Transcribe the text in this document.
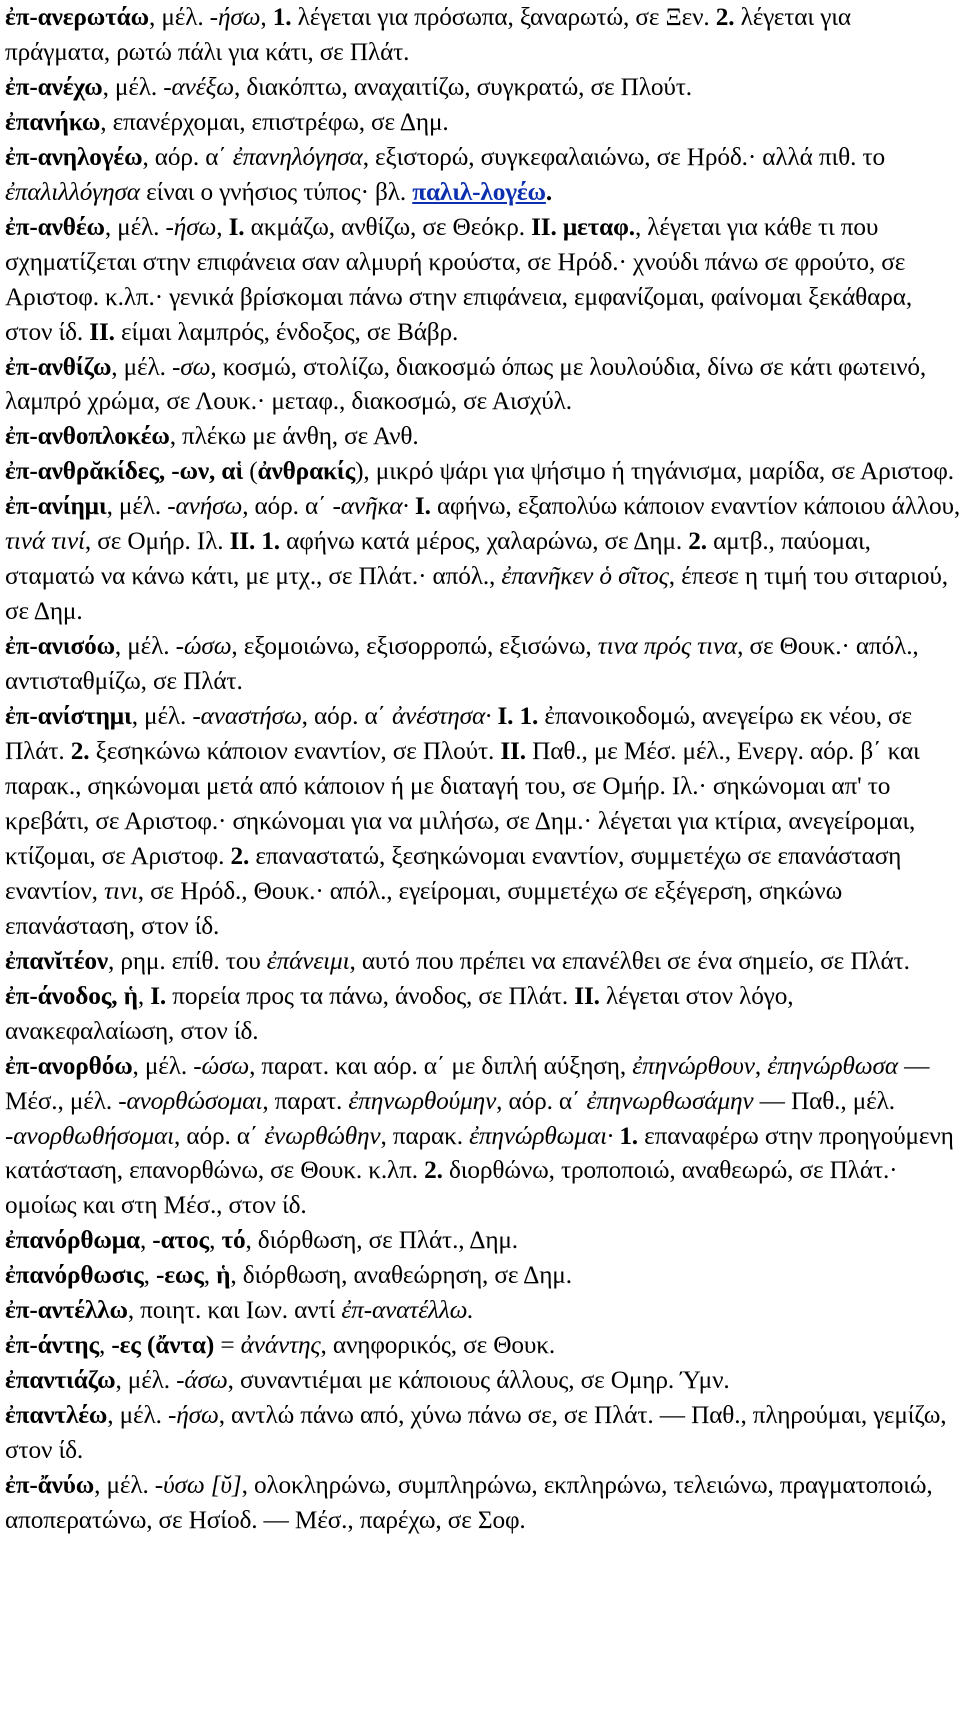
ἐπ-ανερωτάω, μέλ. -ήσω, 1. λέγεται για πρόσωπα, ξαναρωτώ, σε Ξεν. 2. λέγεται για πράγματα, ρωτώ πάλι για κάτι, σε Πλάτ.

ἐπ-ανέχω, μέλ. -ανέξω, διακόπτω, αναχαιτίζω, συγκρατώ, σε Πλούτ.

ἐπανήκω, επανέρχομαι, επιστρέφω, σε Δημ.

ἐπ-ανηλογέω, αόρ. α΄ ἐπανηλόγησα, εξιστορώ, συγκεφαλαιώνω, σε Ηρόδ.· αλλά πιθ. το ἐπαλιλλόγησα είναι ο γνήσιος τύπος· βλ. παλιλ-λογέω.

ἐπ-ανθέω, μέλ. -ήσω, I. ακμάζω, ανθίζω, σε Θεόκρ. II. μεταφ., λέγεται για κάθε τι που σχηματίζεται στην επιφάνεια σαν αλμυρή κρούστα, σε Ηρόδ.· χνούδι πάνω σε φρούτο, σε Αριστοφ. κ.λπ.· γενικά βρίσκομαι πάνω στην επιφάνεια, εμφανίζομαι, φαίνομαι ξεκάθαρα, στον ίδ. II. είμαι λαμπρός, ένδοξος, σε Βάβρ.

ἐπ-ανθίζω, μέλ. -σω, κοσμώ, στολίζω, διακοσμώ όπως με λουλούδια, δίνω σε κάτι φωτεινό, λαμπρό χρώμα, σε Λουκ.· μεταφ., διακοσμώ, σε Αισχύλ.

ἐπ-ανθοπλοκέω, πλέκω με άνθη, σε Ανθ.

ἐπ-ανθρᾰκίδες, -ων, αἱ (ἀνθρακίς), μικρό ψάρι για ψήσιμο ή τηγάνισμα, μαρίδα, σε Αριστοφ.

ἐπ-ανίημι, μέλ. -ανήσω, αόρ. α΄ -ανῆκα· I. αφήνω, εξαπολύω κάποιον εναντίον κάποιου άλλου, τινά τινί, σε Ομήρ. Ιλ. II. 1. αφήνω κατά μέρος, χαλαρώνω, σε Δημ. 2. αμτβ., παύομαι, σταματώ να κάνω κάτι, με μτχ., σε Πλάτ.· απόλ., ἐπανῆκεν ὁ σῖτος, έπεσε η τιμή του σιταριού, σε Δημ.

ἐπ-ανισόω, μέλ. -ώσω, εξομοιώνω, εξισορροπώ, εξισώνω, τινα πρός τινα, σε Θουκ.· απόλ., αντισταθμίζω, σε Πλάτ.

ἐπ-ανίστημι, μέλ. -αναστήσω, αόρ. α΄ ἀνέστησα· I. 1. ἐπανοικοδομώ, ανεγείρω εκ νέου, σε Πλάτ. 2. ξεσηκώνω κάποιον εναντίον, σε Πλούτ. II. Παθ., με Μέσ. μέλ., Ενεργ. αόρ. β΄ και παρακ., σηκώνομαι μετά από κάποιον ή με διαταγή του, σε Ομήρ. Ιλ.· σηκώνομαι απ' το κρεβάτι, σε Αριστοφ.· σηκώνομαι για να μιλήσω, σε Δημ.· λέγεται για κτίρια, ανεγείρομαι, κτίζομαι, σε Αριστοφ. 2. επαναστατώ, ξεσηκώνομαι εναντίον, συμμετέχω σε επανάσταση εναντίον, τινι, σε Ηρόδ., Θουκ.· απόλ., εγείρομαι, συμμετέχω σε εξέγερση, σηκώνω επανάσταση, στον ίδ.

ἐπανῐτέον, ρημ. επίθ. του ἐπάνειμι, αυτό που πρέπει να επανέλθει σε ένα σημείο, σε Πλάτ.

ἐπ-άνοδος, ἡ, I. πορεία προς τα πάνω, άνοδος, σε Πλάτ. II. λέγεται στον λόγο, ανακεφαλαίωση, στον ίδ.

ἐπ-ανορθόω, μέλ. -ώσω, παρατ. και αόρ. α΄ με διπλή αύξηση, ἐπηνώρθουν, ἐπηνώρθωσα — Μέσ., μέλ. -ανορθώσομαι, παρατ. ἐπηνωρθούμην, αόρ. α΄ ἐπηνωρθωσάμην — Παθ., μέλ. -ανορθωθήσομαι, αόρ. α΄ ἐνωρθώθην, παρακ. ἐπηνώρθωμαι· 1. επαναφέρω στην προηγούμενη κατάσταση, επανορθώνω, σε Θουκ. κ.λπ. 2. διορθώνω, τροποποιώ, αναθεωρώ, σε Πλάτ.· ομοίως και στη Μέσ., στον ίδ.

ἐπανόρθωμα, -ατος, τό, διόρθωση, σε Πλάτ., Δημ.

ἐπανόρθωσις, -εως, ἡ, διόρθωση, αναθεώρηση, σε Δημ.

ἐπ-αντέλλω, ποιητ. και Ιων. αντί ἐπ-ανατέλλω.

ἐπ-άντης, -ες (ἄντα) = ἀνάντης, ανηφορικός, σε Θουκ.

ἐπαντιάζω, μέλ. -άσω, συναντιέμαι με κάποιους άλλους, σε Ομηρ. Ύμν.

ἐπαντλέω, μέλ. -ήσω, αντλώ πάνω από, χύνω πάνω σε, σε Πλάτ. — Παθ., πληρούμαι, γεμίζω, στον ίδ.

ἐπ-ἄνύω, μέλ. -ύσω [ῠ], ολοκληρώνω, συμπληρώνω, εκπληρώνω, τελειώνω, πραγματοποιώ, αποπερατώνω, σε Ησίοδ. — Μέσ., παρέχω, σε Σοφ.
